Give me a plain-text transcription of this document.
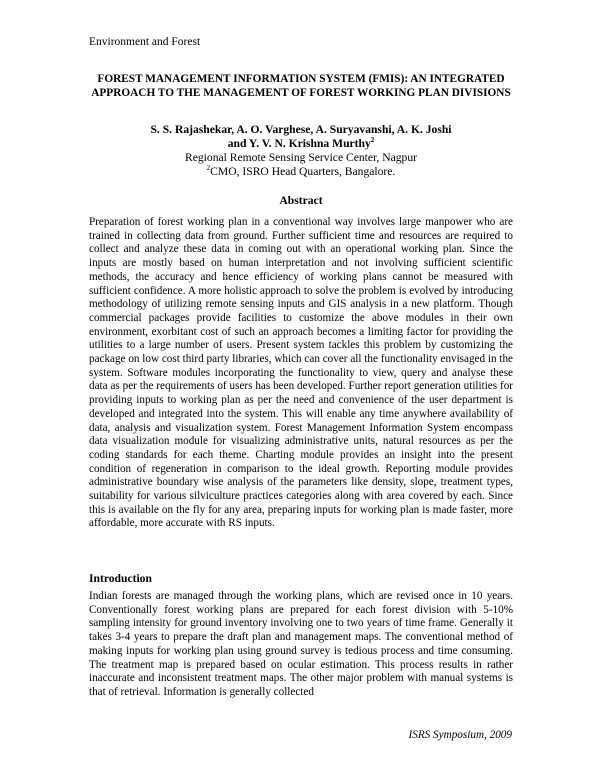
Environment and Forest
FOREST MANAGEMENT INFORMATION SYSTEM (FMIS): AN INTEGRATED APPROACH TO THE MANAGEMENT OF FOREST WORKING PLAN DIVISIONS
S. S. Rajashekar, A. O. Varghese, A. Suryavanshi, A. K. Joshi
and Y. V. N. Krishna Murthy$^2$
Regional Remote Sensing Service Center, Nagpur
$^2$CMO, ISRO Head Quarters, Bangalore.
Abstract

Preparation of forest working plan in a conventional way involves large manpower who are trained in collecting data from ground. Further sufficient time and resources are required to collect and analyze these data in coming out with an operational working plan. Since the inputs are mostly based on human interpretation and not involving sufficient scientific methods, the accuracy and hence efficiency of working plans cannot be measured with sufficient confidence. A more holistic approach to solve the problem is evolved by introducing methodology of utilizing remote sensing inputs and GIS analysis in a new platform. Though commercial packages provide facilities to customize the above modules in their own environment, exorbitant cost of such an approach becomes a limiting factor for providing the utilities to a large number of users. Present system tackles this problem by customizing the package on low cost third party libraries, which can cover all the functionality envisaged in the system. Software modules incorporating the functionality to view, query and analyse these data as per the requirements of users has been developed. Further report generation utilities for providing inputs to working plan as per the need and convenience of the user department is developed and integrated into the system. This will enable any time anywhere availability of data, analysis and visualization system. Forest Management Information System encompass data visualization module for visualizing administrative units, natural resources as per the coding standards for each theme. Charting module provides an insight into the present condition of regeneration in comparison to the ideal growth. Reporting module provides administrative boundary wise analysis of the parameters like density, slope, treatment types, suitability for various silviculture practices categories along with area covered by each. Since this is available on the fly for any area, preparing inputs for working plan is made faster, more affordable, more accurate with RS inputs.

Introduction

Indian forests are managed through the working plans, which are revised once in 10 years. Conventionally forest working plans are prepared for each forest division with 5-10% sampling intensity for ground inventory involving one to two years of time frame. Generally it takes 3-4 years to prepare the draft plan and management maps. The conventional method of making inputs for working plan using ground survey is tedious process and time consuming. The treatment map is prepared based on ocular estimation. This process results in rather inaccurate and inconsistent treatment maps. The other major problem with manual systems is that of retrieval. Information is generally collected

ISRS Symposium, 2009
